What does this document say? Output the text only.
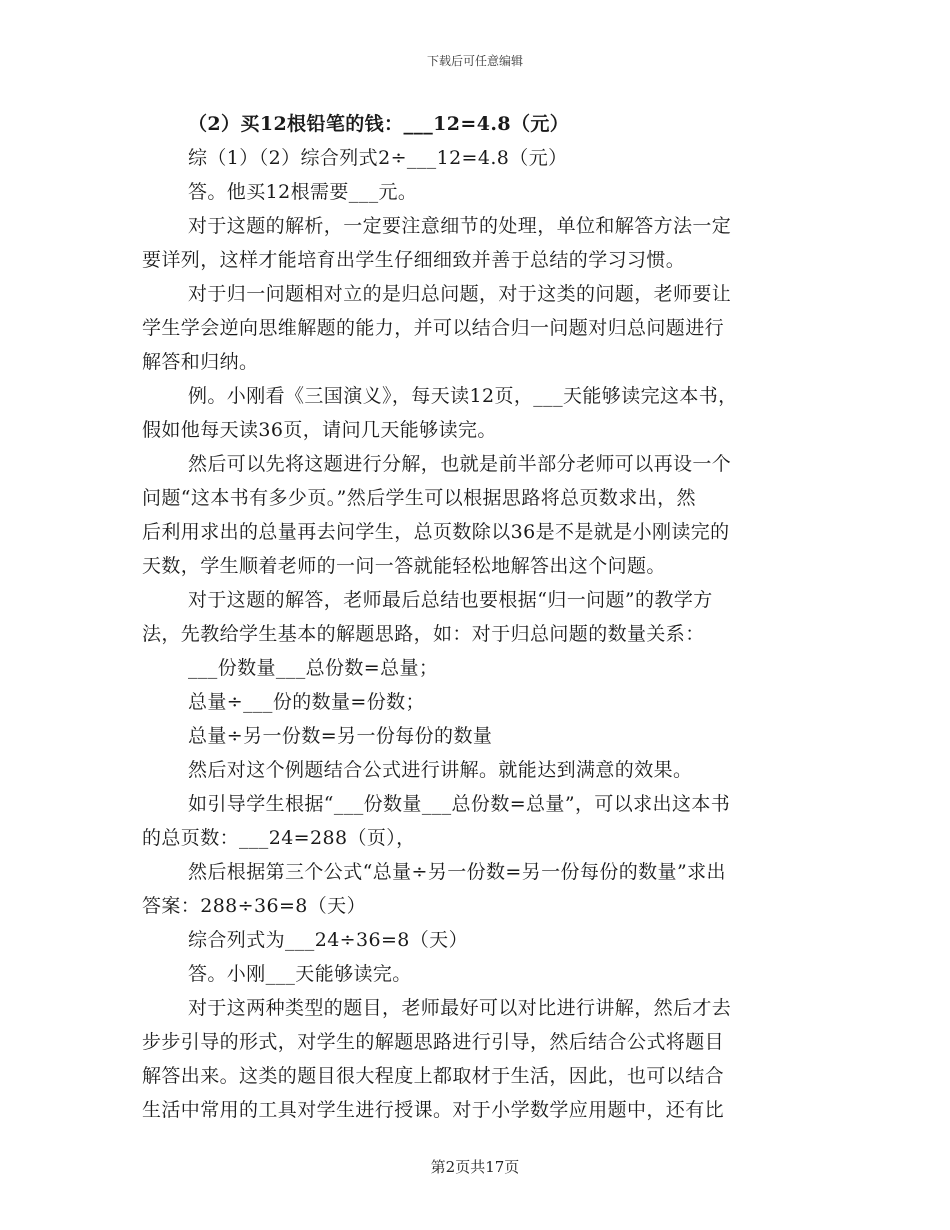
下载后可任意编辑
（2）买12根铅笔的钱：___12=4.8（元）
综（1）（2）综合列式2÷___12=4.8（元）
答。他买12根需要___元。
对于这题的解析，一定要注意细节的处理，单位和解答方法一定
要详列，这样才能培育出学生仔细细致并善于总结的学习习惯。
对于归一问题相对立的是归总问题，对于这类的问题，老师要让
学生学会逆向思维解题的能力，并可以结合归一问题对归总问题进行
解答和归纳。
例。小刚看《三国演义》，每天读12页，___天能够读完这本书，
假如他每天读36页，请问几天能够读完。
然后可以先将这题进行分解，也就是前半部分老师可以再设一个
问题“这本书有多少页。”然后学生可以根据思路将总页数求出，然
后利用求出的总量再去问学生，总页数除以36是不是就是小刚读完的
天数，学生顺着老师的一问一答就能轻松地解答出这个问题。
对于这题的解答，老师最后总结也要根据“归一问题”的教学方
法，先教给学生基本的解题思路，如：对于归总问题的数量关系：
___份数量___总份数=总量；
总量÷___份的数量=份数；
总量÷另一份数=另一份每份的数量
然后对这个例题结合公式进行讲解。就能达到满意的效果。
如引导学生根据“___份数量___总份数=总量”，可以求出这本书
的总页数：___24=288（页），
然后根据第三个公式“总量÷另一份数=另一份每份的数量”求出
答案：288÷36=8（天）
综合列式为___24÷36=8（天）
答。小刚___天能够读完。
对于这两种类型的题目，老师最好可以对比进行讲解，然后才去
步步引导的形式，对学生的解题思路进行引导，然后结合公式将题目
解答出来。这类的题目很大程度上都取材于生活，因此，也可以结合
生活中常用的工具对学生进行授课。对于小学数学应用题中，还有比
第2页共17页
